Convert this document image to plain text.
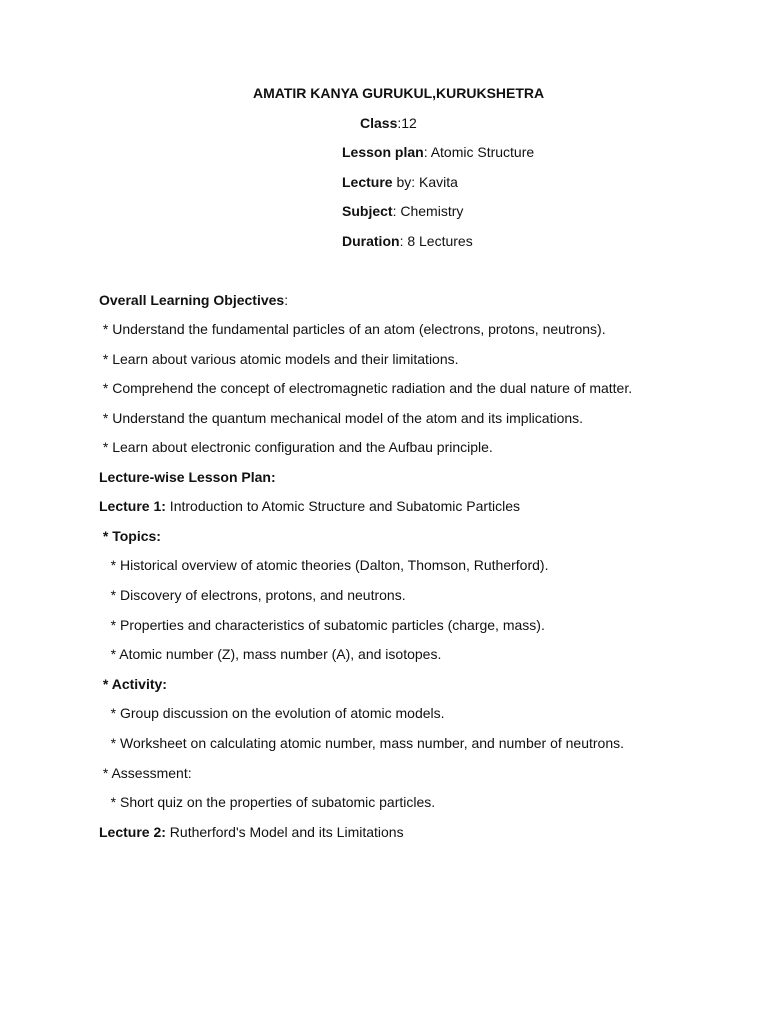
AMATIR KANYA GURUKUL,KURUKSHETRA
Class:12
Lesson plan: Atomic Structure
Lecture by: Kavita
Subject: Chemistry
Duration: 8 Lectures
Overall Learning Objectives:
* Understand the fundamental particles of an atom (electrons, protons, neutrons).
* Learn about various atomic models and their limitations.
* Comprehend the concept of electromagnetic radiation and the dual nature of matter.
* Understand the quantum mechanical model of the atom and its implications.
* Learn about electronic configuration and the Aufbau principle.
Lecture-wise Lesson Plan:
Lecture 1: Introduction to Atomic Structure and Subatomic Particles
* Topics:
* Historical overview of atomic theories (Dalton, Thomson, Rutherford).
* Discovery of electrons, protons, and neutrons.
* Properties and characteristics of subatomic particles (charge, mass).
* Atomic number (Z), mass number (A), and isotopes.
* Activity:
* Group discussion on the evolution of atomic models.
* Worksheet on calculating atomic number, mass number, and number of neutrons.
* Assessment:
* Short quiz on the properties of subatomic particles.
Lecture 2: Rutherford's Model and its Limitations
